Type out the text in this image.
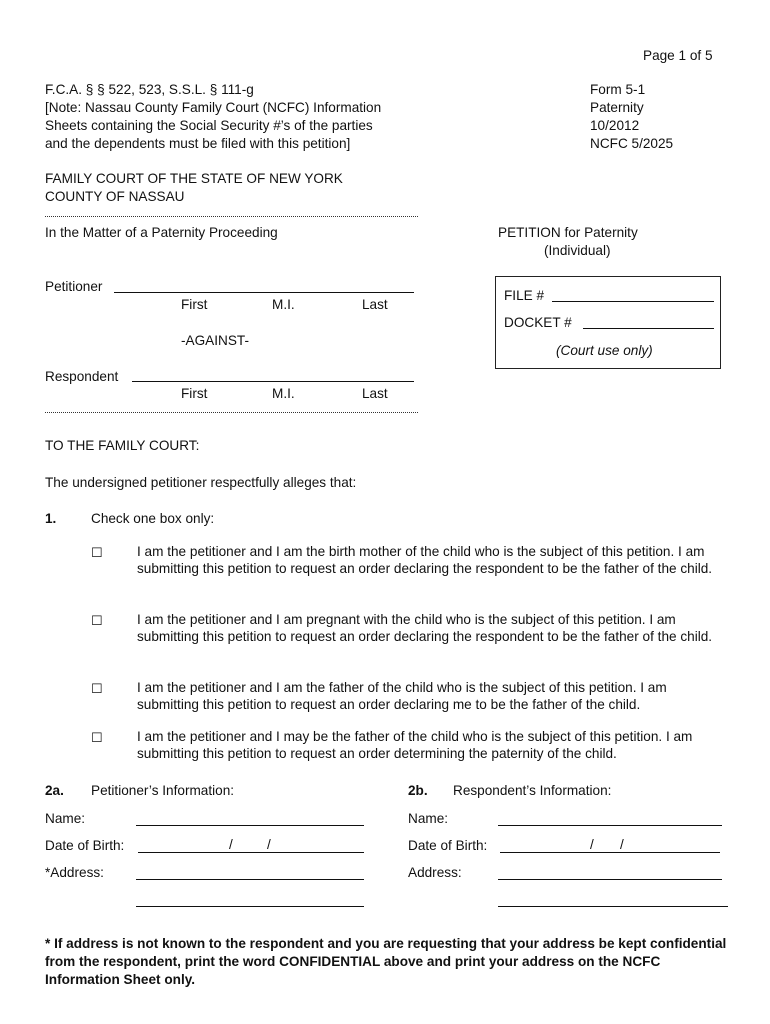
Page 1 of 5
F.C.A. § § 522, 523, S.S.L. § 111-g
[Note: Nassau County Family Court (NCFC) Information
Sheets containing the Social Security #’s of the parties
and the dependents must be filed with this petition]
Form 5-1
Paternity
10/2012
NCFC 5/2025
FAMILY COURT OF THE STATE OF NEW YORK
COUNTY OF NASSAU
In the Matter of a Paternity Proceeding	PETITION for Paternity
(Individual)
Petitioner
First	M.I.	Last
-AGAINST-
Respondent
First	M.I.	Last
FILE #
DOCKET #
(Court use only)
TO THE FAMILY COURT:
The undersigned petitioner respectfully alleges that:
1.	Check one box only:
☐	I am the petitioner and I am the birth mother of the child who is the subject of this petition. I am submitting this petition to request an order declaring the respondent to be the father of the child.
☐	I am the petitioner and I am pregnant with the child who is the subject of this petition. I am submitting this petition to request an order declaring the respondent to be the father of the child.
☐	I am the petitioner and I am the father of the child who is the subject of this petition. I am submitting this petition to request an order declaring me to be the father of the child.
☐	I am the petitioner and I may be the father of the child who is the subject of this petition. I am submitting this petition to request an order determining the paternity of the child.
2a. Petitioner’s Information:
Name:
Date of Birth:	/	/
*Address:
2b. Respondent’s Information:
Name:
Date of Birth:	/ /
Address:
* If address is not known to the respondent and you are requesting that your address be kept confidential from the respondent, print the word CONFIDENTIAL above and print your address on the NCFC Information Sheet only.
